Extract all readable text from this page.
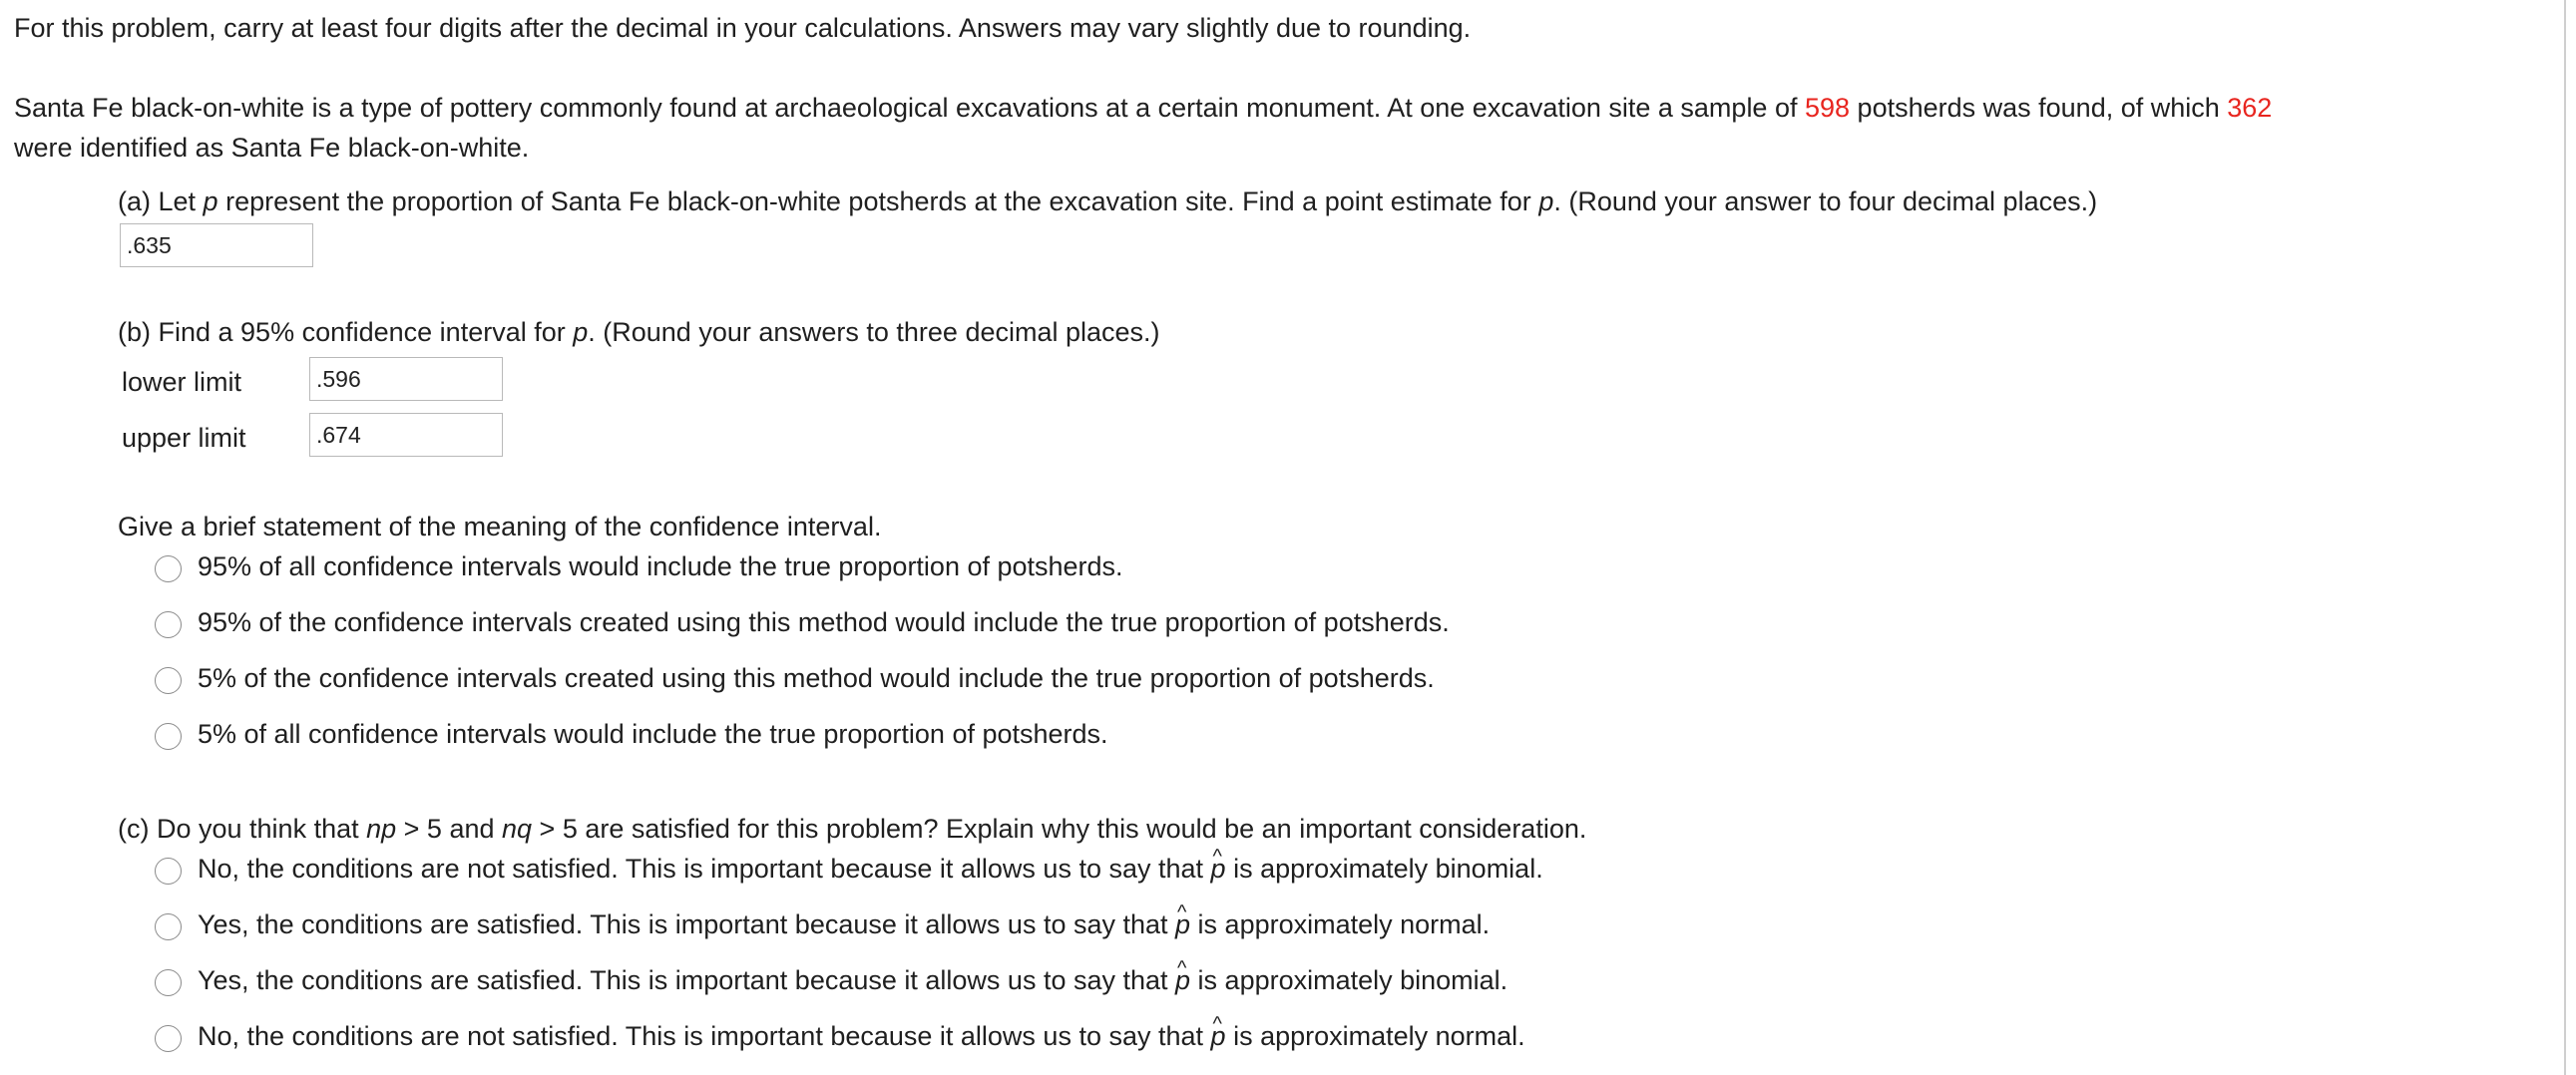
For this problem, carry at least four digits after the decimal in your calculations. Answers may vary slightly due to rounding.
Santa Fe black-on-white is a type of pottery commonly found at archaeological excavations at a certain monument. At one excavation site a sample of 598 potsherds was found, of which 362
were identified as Santa Fe black-on-white.
(a) Let p represent the proportion of Santa Fe black-on-white potsherds at the excavation site. Find a point estimate for p. (Round your answer to four decimal places.)
.635
(b) Find a 95% confidence interval for p. (Round your answers to three decimal places.)
lower limit
.596
upper limit
.674
Give a brief statement of the meaning of the confidence interval.
95% of all confidence intervals would include the true proportion of potsherds.
95% of the confidence intervals created using this method would include the true proportion of potsherds.
5% of the confidence intervals created using this method would include the true proportion of potsherds.
5% of all confidence intervals would include the true proportion of potsherds.
(c) Do you think that np > 5 and nq > 5 are satisfied for this problem? Explain why this would be an important consideration.
No, the conditions are not satisfied. This is important because it allows us to say that ^ p is approximately binomial.
Yes, the conditions are satisfied. This is important because it allows us to say that ^ p is approximately normal.
Yes, the conditions are satisfied. This is important because it allows us to say that ^ p is approximately binomial.
No, the conditions are not satisfied. This is important because it allows us to say that ^ p is approximately normal.
